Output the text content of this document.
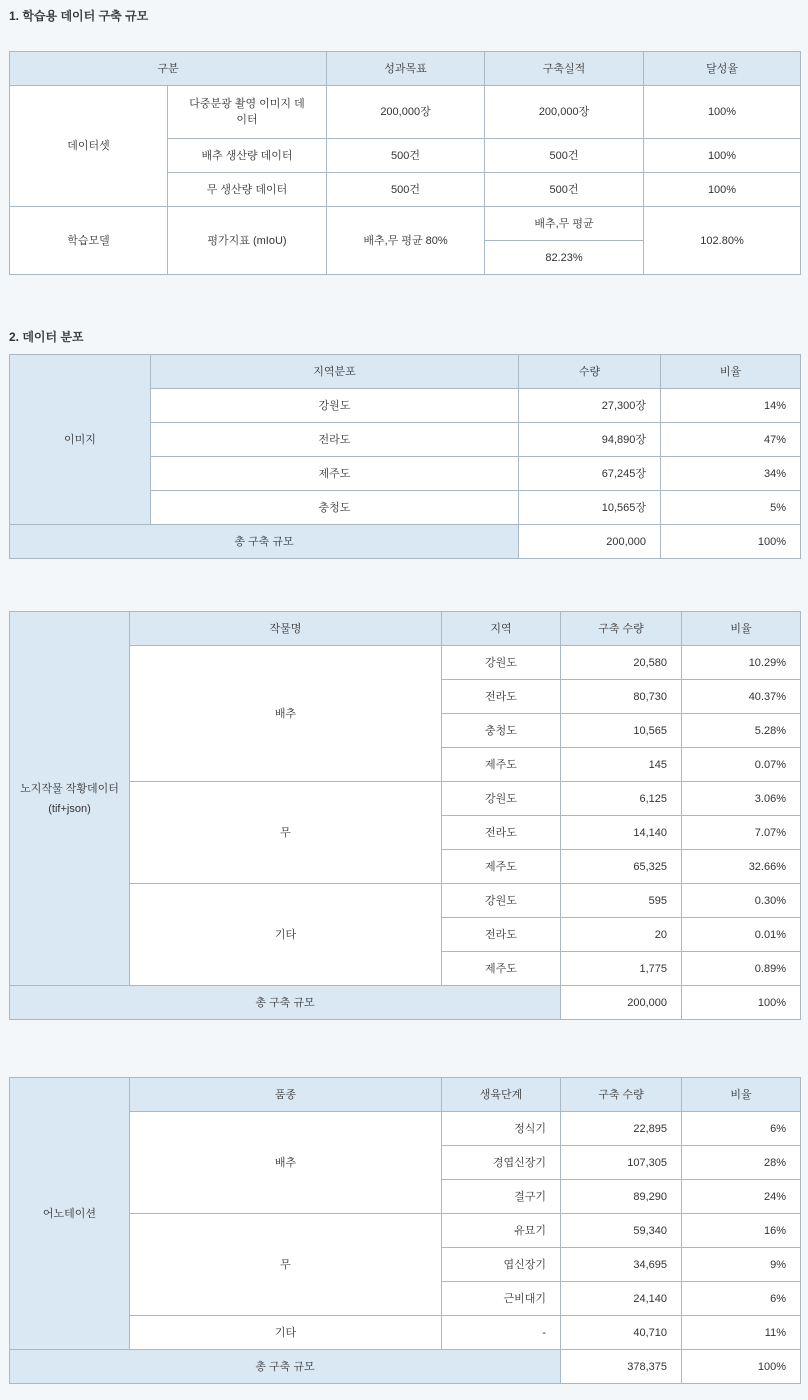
1. 학습용 데이터 구축 규모
구분		성과목표	구축실적	달성율
데이터셋	다중분광 촬영 이미지 데이터	200,000장	200,000장	100%
	배추 생산량 데이터	500건	500건	100%
	무 생산량 데이터	500건	500건	100%
학습모델	평가지표 (mIoU)	배추,무 평균 80%	배추,무 평균	102.80%
			82.23%	
2. 데이터 분포
이미지	지역분포	수량	비율
	강원도	27,300장	14%
	전라도	94,890장	47%
	제주도	67,245장	34%
	충청도	10,565장	5%
총 구축 규모		200,000	100%
노지작물 작황데이터 (tif+json)	작물명	지역	구축 수량	비율
	배추	강원도	20,580	10.29%
		전라도	80,730	40.37%
		충청도	10,565	5.28%
		제주도	145	0.07%
	무	강원도	6,125	3.06%
		전라도	14,140	7.07%
		제주도	65,325	32.66%
	기타	강원도	595	0.30%
		전라도	20	0.01%
		제주도	1,775	0.89%
총 구축 규모			200,000	100%
어노테이션	품종	생육단계	구축 수량	비율
	배추	정식기	22,895	6%
		경엽신장기	107,305	28%
		결구기	89,290	24%
	무	유묘기	59,340	16%
		엽신장기	34,695	9%
		근비대기	24,140	6%
	기타	-	40,710	11%
총 구축 규모			378,375	100%
